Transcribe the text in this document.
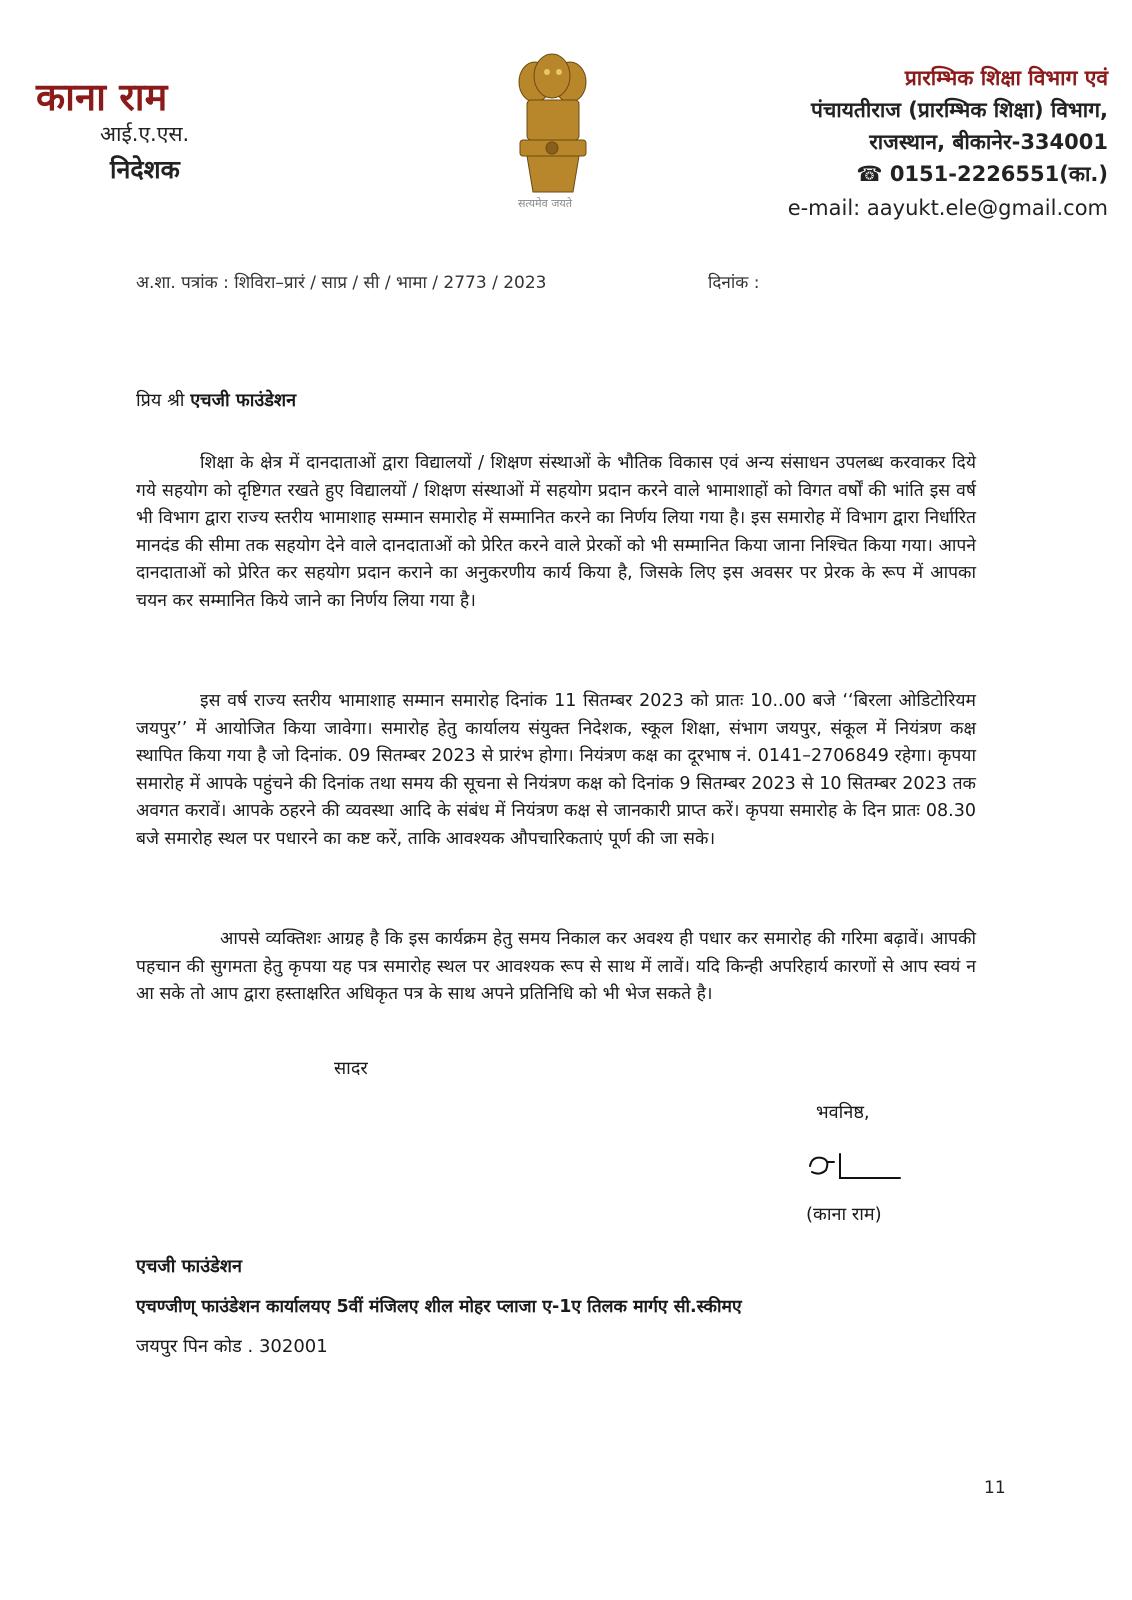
काना राम
आई.ए.एस.
निदेशक
सत्यमेव जयते
प्रारम्भिक शिक्षा विभाग एवं
पंचायतीराज (प्रारम्भिक शिक्षा) विभाग,
राजस्थान, बीकानेर-334001
☎ 0151-2226551(का.)
e-mail: aayukt.ele@gmail.com
अ.शा. पत्रांक : शिविरा–प्रारं / साप्र / सी / भामा / 2773 / 2023	दिनांक :
प्रिय श्री एचजी फाउंडेशन
शिक्षा के क्षेत्र में दानदाताओं द्वारा विद्यालयों / शिक्षण संस्थाओं के भौतिक विकास एवं अन्य संसाधन उपलब्ध करवाकर दिये गये सहयोग को दृष्टिगत रखते हुए विद्यालयों / शिक्षण संस्थाओं में सहयोग प्रदान करने वाले भामाशाहों को विगत वर्षों की भांति इस वर्ष भी विभाग द्वारा राज्य स्तरीय भामाशाह सम्मान समारोह में सम्मानित करने का निर्णय लिया गया है। इस समारोह में विभाग द्वारा निर्धारित मानदंड की सीमा तक सहयोग देने वाले दानदाताओं को प्रेरित करने वाले प्रेरकों को भी सम्मानित किया जाना निश्चित किया गया। आपने दानदाताओं को प्रेरित कर सहयोग प्रदान कराने का अनुकरणीय कार्य किया है, जिसके लिए इस अवसर पर प्रेरक के रूप में आपका चयन कर सम्मानित किये जाने का निर्णय लिया गया है।
इस वर्ष राज्य स्तरीय भामाशाह सम्मान समारोह दिनांक 11 सितम्बर 2023 को प्रातः 10..00 बजे ‘‘बिरला ओडिटोरियम जयपुर’’ में आयोजित किया जावेगा। समारोह हेतु कार्यालय संयुक्त निदेशक, स्कूल शिक्षा, संभाग जयपुर, संकूल में नियंत्रण कक्ष स्थापित किया गया है जो दिनांक. 09 सितम्बर 2023 से प्रारंभ होगा। नियंत्रण कक्ष का दूरभाष नं. 0141–2706849 रहेगा। कृपया समारोह में आपके पहुंचने की दिनांक तथा समय की सूचना से नियंत्रण कक्ष को दिनांक 9 सितम्बर 2023 से 10 सितम्बर 2023 तक अवगत करावें। आपके ठहरने की व्यवस्था आदि के संबंध में नियंत्रण कक्ष से जानकारी प्राप्त करें। कृपया समारोह के दिन प्रातः 08.30 बजे समारोह स्थल पर पधारने का कष्ट करें, ताकि आवश्यक औपचारिकताएं पूर्ण की जा सके।
आपसे व्यक्तिशः आग्रह है कि इस कार्यक्रम हेतु समय निकाल कर अवश्य ही पधार कर समारोह की गरिमा बढ़ावें। आपकी पहचान की सुगमता हेतु कृपया यह पत्र समारोह स्थल पर आवश्यक रूप से साथ में लावें। यदि किन्ही अपरिहार्य कारणों से आप स्वयं न आ सके तो आप द्वारा हस्ताक्षरित अधिकृत पत्र के साथ अपने प्रतिनिधि को भी भेज सकते है।
सादर
भवनिष्ठ,
(काना राम)
एचजी फाउंडेशन
एचण्जीण् फाउंडेशन कार्यालयए 5वीं मंजिलए शील मोहर प्लाजा ए-1ए तिलक मार्गए सी.स्कीमए
जयपुर पिन कोड . 302001
11
